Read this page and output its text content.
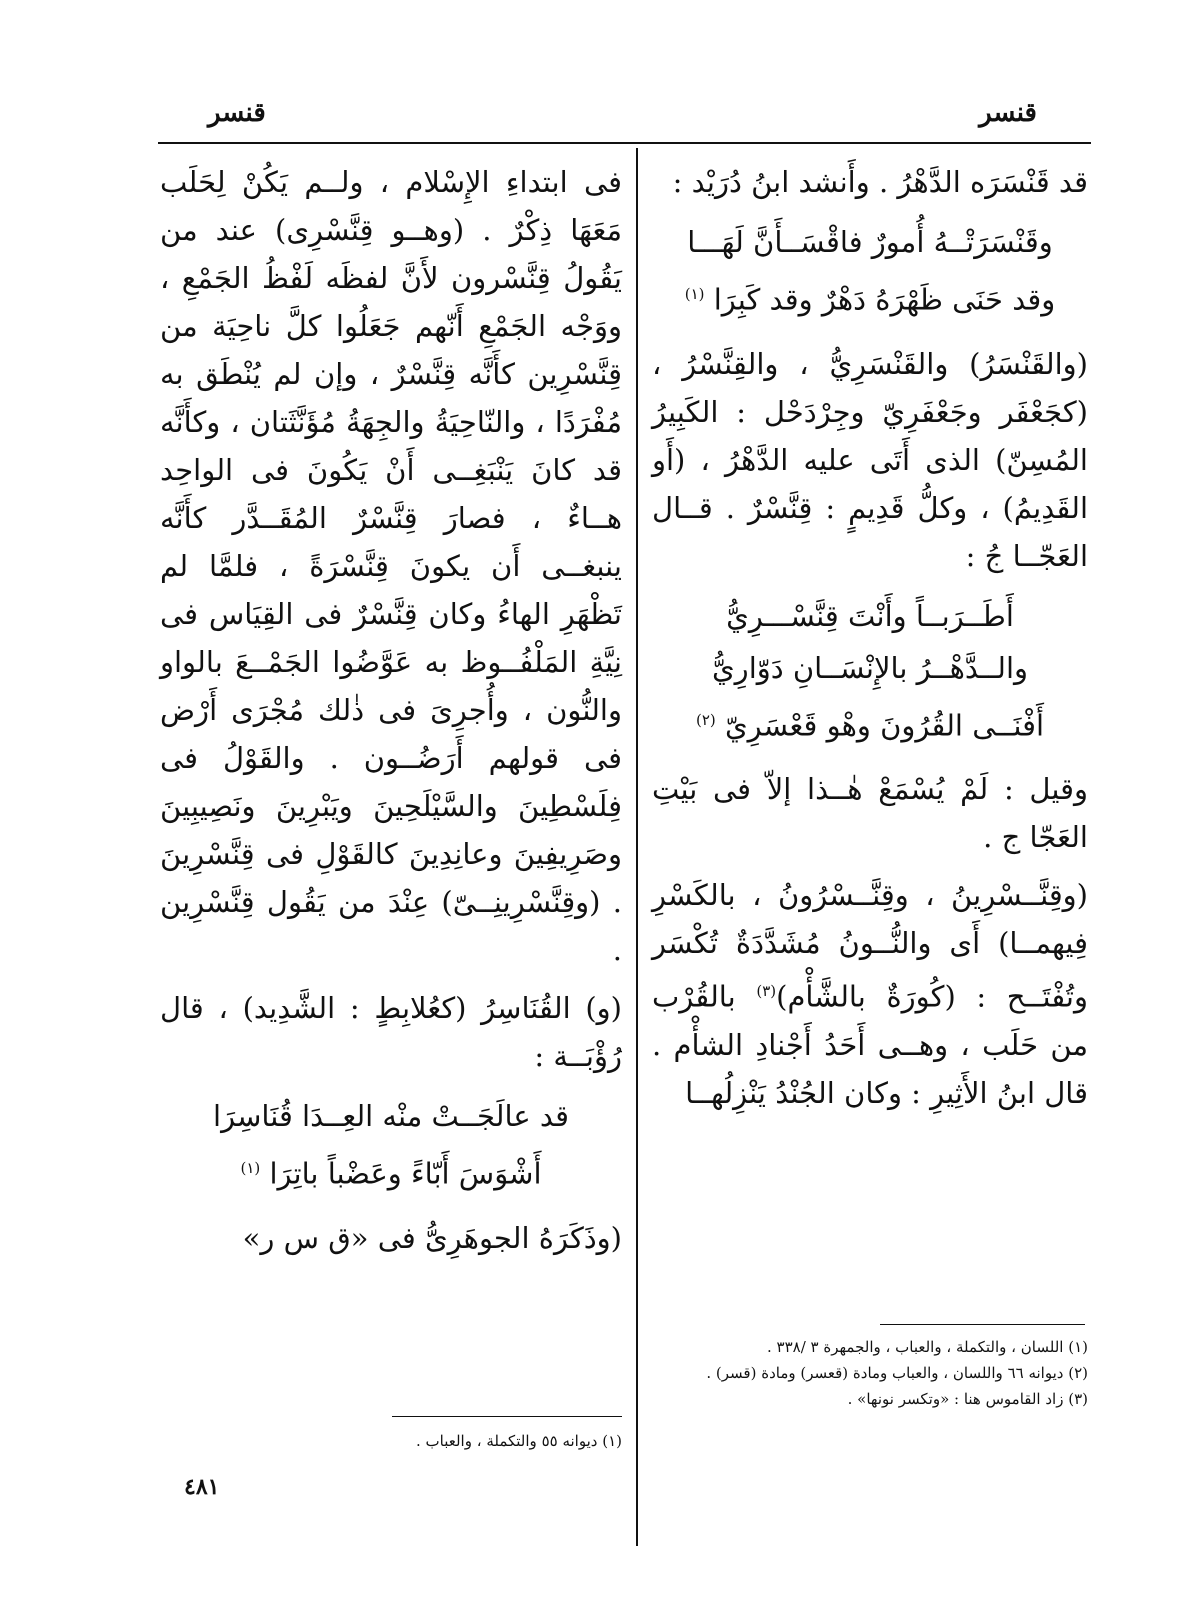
قنسر
قنسر

قد قَنْسَرَه الدَّهْرُ . وأَنشد ابنُ دُرَيْد :

وقَنْسَرَتْــهُ أُمورٌ فاقْسَــأَنَّ لَهَـــا
وقد حَنَى ظَهْرَهُ دَهْرٌ وقد كَبِرَا $^{(١)}$

(والقَنْسَرُ) والقَنْسَرِيُّ ، والقِنَّسْرُ ، (كجَعْفَر وجَعْفَرِيّ وجِرْدَحْل : الكَبِيرُ المُسِنّ) الذى أَتَى عليه الدَّهْرُ ، (أَو القَدِيمُ) ، وكلُّ قَدِيمٍ : قِنَّسْرٌ . قــال العَجّــا جُ :

أَطَــرَبــاً وأَنْتَ قِنَّسْـــرِيُّ
والــدَّهْــرُ بالإِنْسَــانِ دَوّارِيُّ
أَفْنَــى القُرُونَ وهْو قَعْسَرِيّ $^{(٢)}$

وقيل : لَمْ يُسْمَعْ هٰــذا إلاّ فى بَيْتِ العَجّا ج .

(وقِنَّــسْرِينُ ، وقِنَّــسْرُونُ ، بالكَسْرِ فِيهمــا) أَى والنُّــونُ مُشَدَّدَةٌ تُكْسَر وتُفْتَــح : (كُورَةٌ بالشَّأْم)$^{(٣)}$ بالقُرْب من حَلَب ، وهــى أَحَدُ أَجْنادِ الشأْم . قال ابنُ الأَثِيرِ : وكان الجُنْدُ يَنْزِلُهــا

فى ابتداءِ الإِسْلام ، ولــم يَكُنْ لِحَلَب مَعَهَا ذِكْرٌ . (وهــو قِنَّسْرِى) عند من يَقُولُ قِنَّسْرون لأَنَّ لفظَه لَفْظُ الجَمْعِ ، ووَجْه الجَمْعِ أَنّهم جَعَلُوا كلَّ ناحِيَة من قِنَّسْرِين كأَنَّه قِنَّسْرٌ ، وإن لم يُنْطَق به مُفْرَدًا ، والنّاحِيَةُ والجِهَةُ مُؤَنَّثَتان ، وكأَنَّه قد كانَ يَنْبَغِــى أَنْ يَكُونَ فى الواحِد هــاءٌ ، فصارَ قِنَّسْرٌ المُقَــدَّر كأَنَّه ينبغــى أَن يكونَ قِنَّسْرَةً ، فلمَّا لم تَظْهَرِ الهاءُ وكان قِنَّسْرٌ فى القِيَاس فى نِيَّةِ المَلْفُــوظ به عَوَّضُوا الجَمْــعَ بالواو والنُّون ، وأُجرِىَ فى ذٰلك مُجْرَى أَرْض فى قولهم أَرَضُــون . والقَوْلُ فى فِلَسْطِينَ والسَّيْلَحِينَ ويَبْرِينَ ونَصِيبِينَ وصَرِيفِينَ وعانِدِينَ كالقَوْلِ فى قِنَّسْرِينَ . (وقِنَّسْرِينِــىّ) عِنْدَ من يَقُول قِنَّسْرِين .

(و) القُنَاسِرُ (كعُلابِطٍ : الشَّدِيد) ، قال رُؤْبَــة :

قد عالَجَــتْ منْه العِــدَا قُنَاسِرَا
أَشْوَسَ أَبّاءً وعَضْباً باتِرَا $^{(١)}$

(وذَكَرَهُ الجوهَرِىُّ فى «ق س ر»

(١) اللسان ، والتكملة ، والعباب ، والجمهرة ٣ /٣٣٨ .
(٢) ديوانه ٦٦ واللسان ، والعباب ومادة (قعسر) ومادة (قسر) .
(٣) زاد القاموس هنا : «وتكسر نونها» .
(١) ديوانه ٥٥ والتكملة ، والعباب .
٤٨١
